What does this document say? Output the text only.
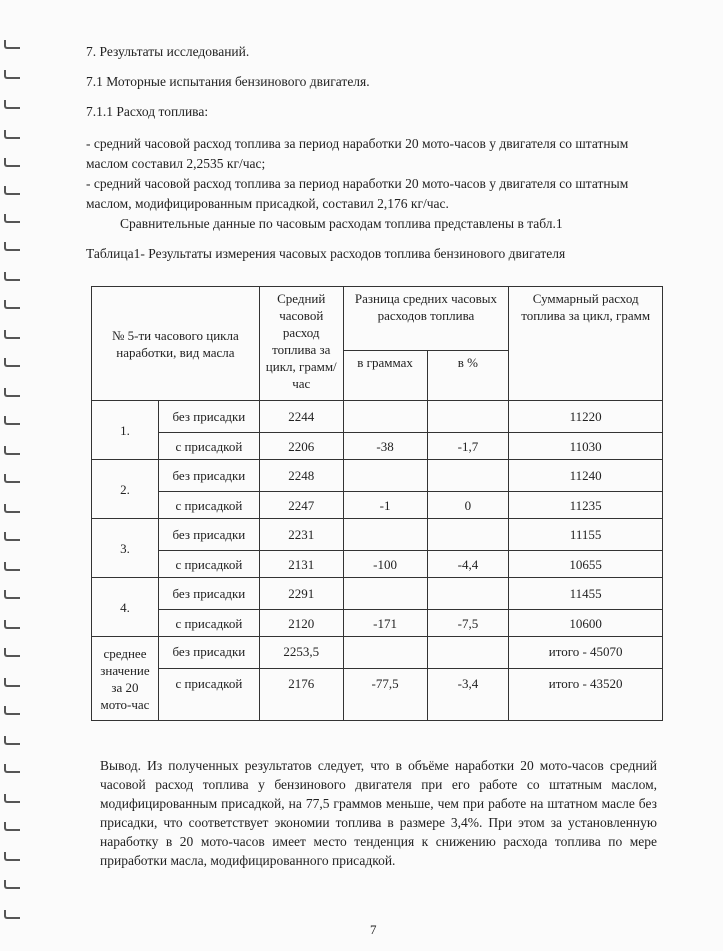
7. Результаты исследований.

7.1 Моторные испытания бензинового двигателя.

7.1.1 Расход топлива:

- средний часовой расход топлива за период наработки 20 мото-часов у двигателя со штатным маслом составил 2,2535 кг/час;

- средний часовой расход топлива за период наработки 20 мото-часов у двигателя со штатным маслом, модифицированным присадкой, составил 2,176 кг/час.

Сравнительные данные по часовым расходам топлива представлены в табл.1

Таблица1- Результаты измерения часовых расходов топлива бензинового двигателя

№ 5-ти часового цикла наработки, вид масла		Средний часовой расход топлива за цикл, грамм/час	Разница средних часовых расходов топлива		Суммарный расход топлива за цикл, грамм
			в граммах	в %	
1.	без присадки	2244			11220
	с присадкой	2206	-38	-1,7	11030
2.	без присадки	2248			11240
	с присадкой	2247	-1	0	11235
3.	без присадки	2231			11155
	с присадкой	2131	-100	-4,4	10655
4.	без присадки	2291			11455
	с присадкой	2120	-171	-7,5	10600
среднее значение за 20 мото-час	без присадки	2253,5			итого - 45070
	с присадкой	2176	-77,5	-3,4	итого - 43520

Вывод. Из полученных результатов следует, что в объёме наработки 20 мото-часов средний часовой расход топлива у бензинового двигателя при его работе со штатным маслом, модифицированным присадкой, на 77,5 граммов меньше, чем при работе на штатном масле без присадки, что соответствует экономии топлива в размере 3,4%. При этом за установленную наработку в 20 мото-часов имеет место тенденция к снижению расхода топлива по мере приработки масла, модифицированного присадкой.

7
